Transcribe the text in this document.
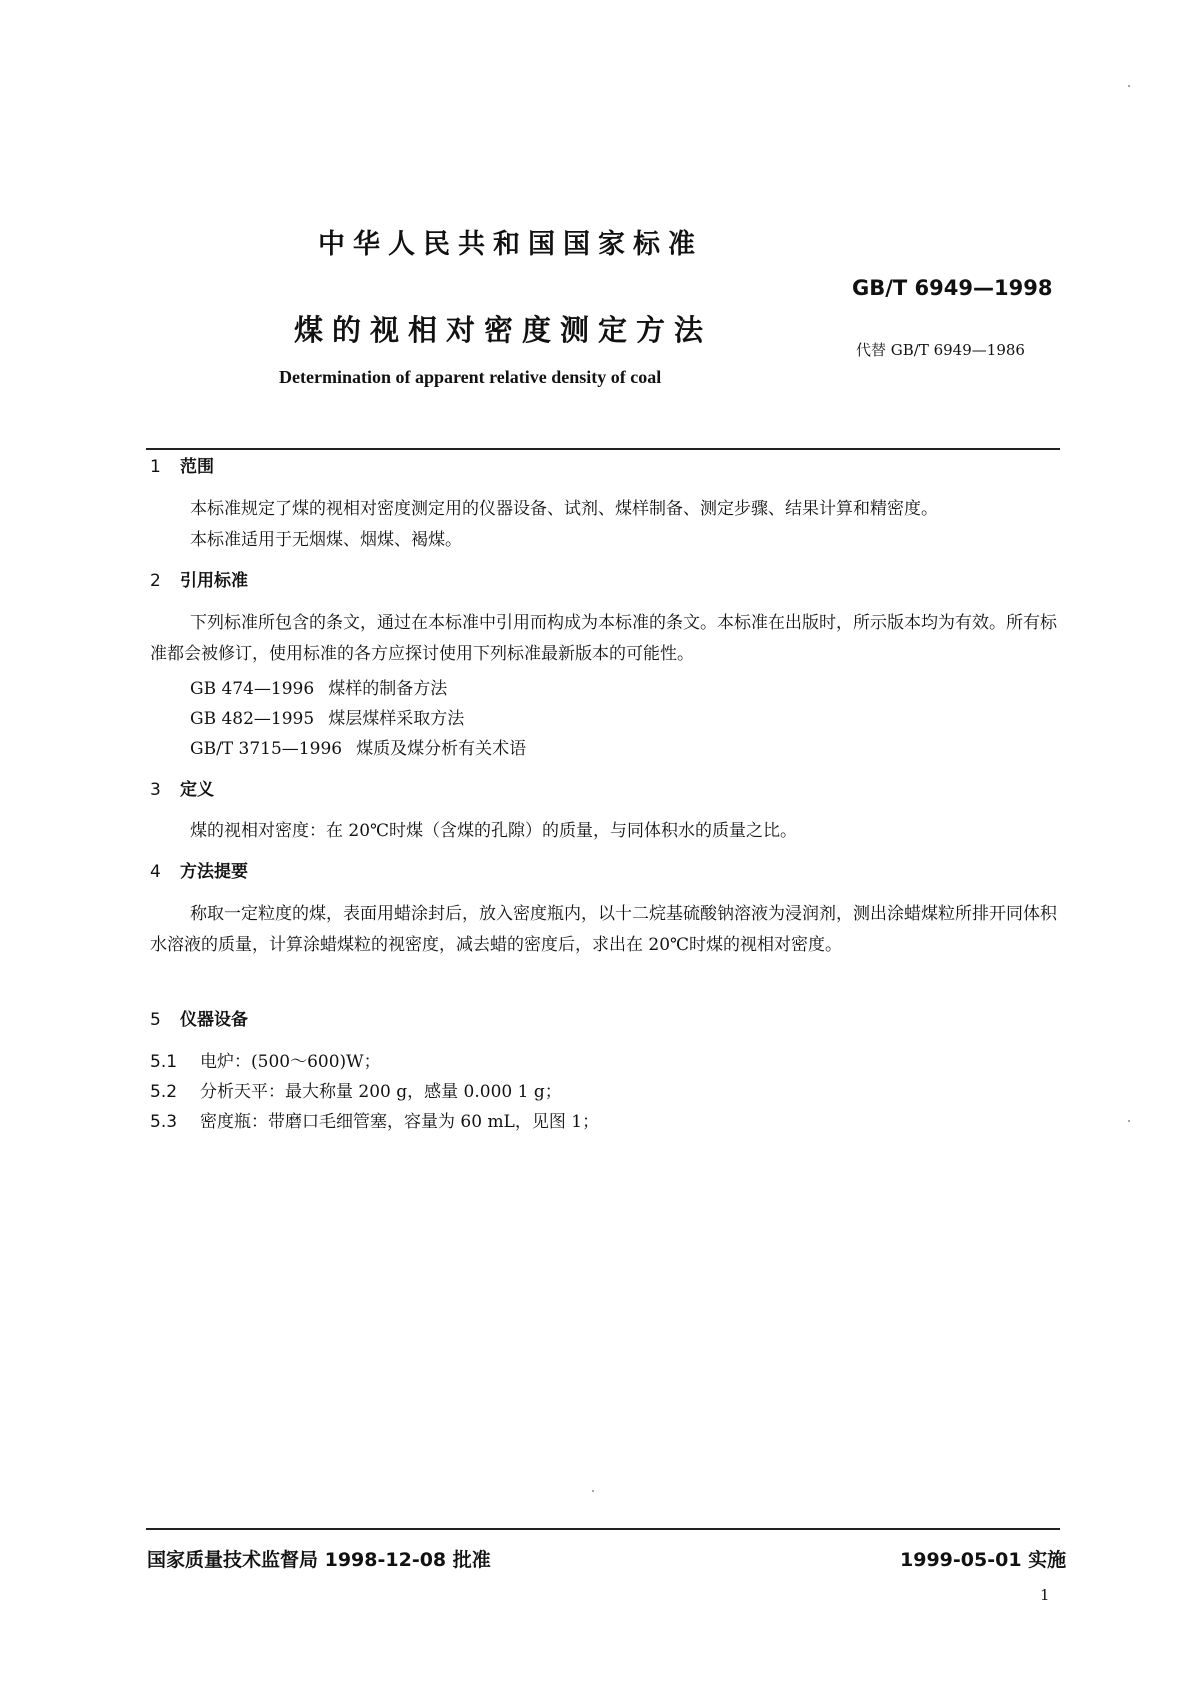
中华人民共和国国家标准
GB/T 6949—1998
煤的视相对密度测定方法
代替 GB/T 6949—1986
Determination of apparent relative density of coal
1 范围
本标准规定了煤的视相对密度测定用的仪器设备、试剂、煤样制备、测定步骤、结果计算和精密度。
本标准适用于无烟煤、烟煤、褐煤。
2 引用标准
下列标准所包含的条文，通过在本标准中引用而构成为本标准的条文。本标准在出版时，所示版本均为有效。所有标准都会被修订，使用标准的各方应探讨使用下列标准最新版本的可能性。
GB 474—1996 煤样的制备方法
GB 482—1995 煤层煤样采取方法
GB/T 3715—1996 煤质及煤分析有关术语
3 定义
煤的视相对密度：在 20℃时煤（含煤的孔隙）的质量，与同体积水的质量之比。
4 方法提要
称取一定粒度的煤，表面用蜡涂封后，放入密度瓶内，以十二烷基硫酸钠溶液为浸润剂，测出涂蜡煤粒所排开同体积水溶液的质量，计算涂蜡煤粒的视密度，减去蜡的密度后，求出在 20℃时煤的视相对密度。
5 仪器设备
5.1 电炉：(500～600)W；
5.2 分析天平：最大称量 200 g，感量 0.000 1 g；
5.3 密度瓶：带磨口毛细管塞，容量为 60 mL，见图 1；
国家质量技术监督局 1998-12-08 批准	1999-05-01 实施
1
